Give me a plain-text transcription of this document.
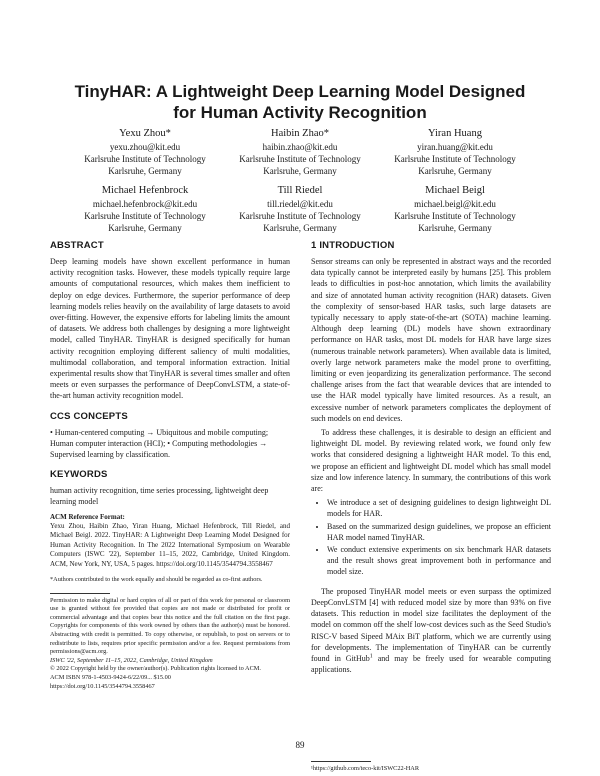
TinyHAR: A Lightweight Deep Learning Model Designed
for Human Activity Recognition
Yexu Zhou*
yexu.zhou@kit.edu
Karlsruhe Institute of Technology
Karlsruhe, Germany
Haibin Zhao*
haibin.zhao@kit.edu
Karlsruhe Institute of Technology
Karlsruhe, Germany
Yiran Huang
yiran.huang@kit.edu
Karlsruhe Institute of Technology
Karlsruhe, Germany
Michael Hefenbrock
michael.hefenbrock@kit.edu
Karlsruhe Institute of Technology
Karlsruhe, Germany
Till Riedel
till.riedel@kit.edu
Karlsruhe Institute of Technology
Karlsruhe, Germany
Michael Beigl
michael.beigl@kit.edu
Karlsruhe Institute of Technology
Karlsruhe, Germany
ABSTRACT

Deep learning models have shown excellent performance in human activity recognition tasks. However, these models typically require large amounts of computational resources, which makes them inefficient to deploy on edge devices. Furthermore, the superior performance of deep learning models relies heavily on the availability of large datasets to avoid over-fitting. However, the expensive efforts for labeling limits the amount of datasets. We address both challenges by designing a more lightweight model, called TinyHAR. TinyHAR is designed specifically for human activity recognition employing different saliency of multi modalities, multimodal collaboration, and temporal information extraction. Initial experimental results show that TinyHAR is several times smaller and often meets or even surpasses the performance of DeepConvLSTM, a state-of-the-art human activity recognition model.

CCS CONCEPTS

• Human-centered computing → Ubiquitous and mobile computing; Human computer interaction (HCI); • Computing methodologies → Supervised learning by classification.

KEYWORDS

human activity recognition, time series processing, lightweight deep learning model

ACM Reference Format:

Yexu Zhou, Haibin Zhao, Yiran Huang, Michael Hefenbrock, Till Riedel, and Michael Beigl. 2022. TinyHAR: A Lightweight Deep Learning Model Designed for Human Activity Recognition. In The 2022 International Symposium on Wearable Computers (ISWC '22), September 11–15, 2022, Cambridge, United Kingdom. ACM, New York, NY, USA, 5 pages. https://doi.org/10.1145/3544794.3558467

*Authors contributed to the work equally and should be regarded as co-first authors.

Permission to make digital or hard copies of all or part of this work for personal or classroom use is granted without fee provided that copies are not made or distributed for profit or commercial advantage and that copies bear this notice and the full citation on the first page. Copyrights for components of this work owned by others than the author(s) must be honored. Abstracting with credit is permitted. To copy otherwise, or republish, to post on servers or to redistribute to lists, requires prior specific permission and/or a fee. Request permissions from permissions@acm.org.

ISWC '22, September 11–15, 2022, Cambridge, United Kingdom

© 2022 Copyright held by the owner/author(s). Publication rights licensed to ACM.

ACM ISBN 978-1-4503-9424-6/22/09... $15.00

https://doi.org/10.1145/3544794.3558467

1 INTRODUCTION

Sensor streams can only be represented in abstract ways and the recorded data typically cannot be interpreted easily by humans [25]. This problem leads to difficulties in post-hoc annotation, which limits the availability and size of annotated human activity recognition (HAR) datasets. Given the complexity of sensor-based HAR tasks, such large datasets are typically necessary to apply state-of-the-art (SOTA) machine learning. Although deep learning (DL) models have shown extraordinary performance on HAR tasks, most DL models for HAR have large sizes (numerous trainable network parameters). When available data is limited, overly large network parameters make the model prone to overfitting, limiting or even jeopardizing its generalization performance. The second challenge arises from the fact that wearable devices that are intended to use the HAR model typically have limited resources. As a result, an excessive number of network parameters complicates the deployment of such models on end devices.

To address these challenges, it is desirable to design an efficient and lightweight DL model. By reviewing related work, we found only few works that considered designing a lightweight HAR model. To this end, we propose an efficient and lightweight DL model which has small model size and low inference latency. In summary, the contributions of this work are:

• We introduce a set of designing guidelines to design lightweight DL models for HAR.
• Based on the summarized design guidelines, we propose an efficient HAR model named TinyHAR.
• We conduct extensive experiments on six benchmark HAR datasets and the result shows great improvement both in performance and model size.

The proposed TinyHAR model meets or even surpass the optimized DeepConvLSTM [4] with reduced model size by more than 93% on five datasets. This reduction in model size facilitates the deployment of the model on common off the shelf low-cost devices such as the Seed Studio's RISC-V based Sipeed MAix BiT platform, which we are currently using for developments. The implementation of TinyHAR can be currently found in GitHub$^1$ and may be freely used for wearable computing applications.

¹https://github.com/teco-kit/ISWC22-HAR

89
